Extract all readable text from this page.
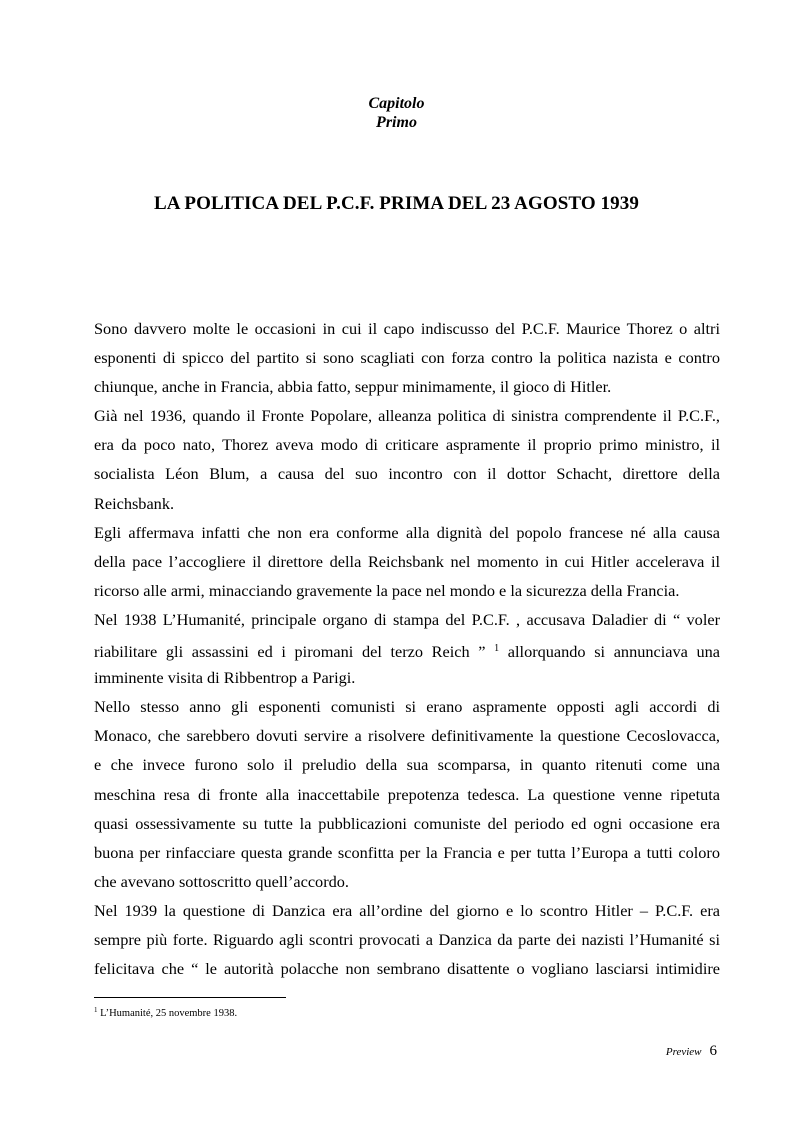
Capitolo
Primo
LA POLITICA DEL P.C.F. PRIMA DEL 23 AGOSTO 1939
Sono davvero molte le occasioni in cui il capo indiscusso del P.C.F. Maurice Thorez o altri
esponenti di spicco del partito si sono scagliati con forza contro la politica nazista e contro
chiunque, anche in Francia, abbia fatto, seppur minimamente, il gioco di Hitler.
Già nel 1936, quando il Fronte Popolare, alleanza politica di sinistra comprendente il P.C.F.,
era da poco nato, Thorez aveva modo di criticare aspramente il proprio primo ministro, il
socialista Léon Blum, a causa del suo incontro con il dottor Schacht, direttore della
Reichsbank.
Egli affermava infatti che non era conforme alla dignità del popolo francese né alla causa
della pace l’accogliere il direttore della Reichsbank nel momento in cui Hitler accelerava il
ricorso alle armi, minacciando gravemente la pace nel mondo e la sicurezza della Francia.
Nel 1938 L’Humanité, principale organo di stampa del P.C.F. , accusava Daladier di “ voler
riabilitare gli assassini ed i piromani del terzo Reich ” $^1$ allorquando si annunciava una
imminente visita di Ribbentrop a Parigi.
Nello stesso anno gli esponenti comunisti si erano aspramente opposti agli accordi di
Monaco, che sarebbero dovuti servire a risolvere definitivamente la questione Cecoslovacca,
e che invece furono solo il preludio della sua scomparsa, in quanto ritenuti come una
meschina resa di fronte alla inaccettabile prepotenza tedesca. La questione venne ripetuta
quasi ossessivamente su tutte la pubblicazioni comuniste del periodo ed ogni occasione era
buona per rinfacciare questa grande sconfitta per la Francia e per tutta l’Europa a tutti coloro
che avevano sottoscritto quell’accordo.
Nel 1939 la questione di Danzica era all’ordine del giorno e lo scontro Hitler – P.C.F. era
sempre più forte. Riguardo agli scontri provocati a Danzica da parte dei nazisti l’Humanité si
felicitava che “ le autorità polacche non sembrano disattente o vogliano lasciarsi intimidire
$^1$ L’Humanité, 25 novembre 1938.
Preview 6
